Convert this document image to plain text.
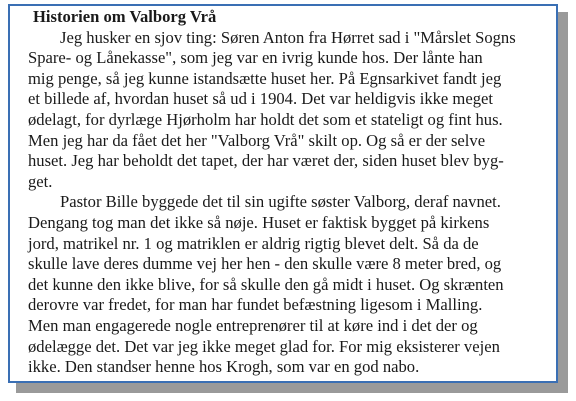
Historien om Valborg Vrå

Jeg husker en sjov ting: Søren Anton fra Hørret sad i "Mårslet Sogns
Spare- og Lånekasse", som jeg var en ivrig kunde hos. Der lånte han
mig penge, så jeg kunne istandsætte huset her. På Egnsarkivet fandt jeg
et billede af, hvordan huset så ud i 1904. Det var heldigvis ikke meget
ødelagt, for dyrlæge Hjørholm har holdt det som et stateligt og fint hus.
Men jeg har da fået det her "Valborg Vrå" skilt op. Og så er der selve
huset. Jeg har beholdt det tapet, der har været der, siden huset blev byg-
get.

Pastor Bille byggede det til sin ugifte søster Valborg, deraf navnet.
Dengang tog man det ikke så nøje. Huset er faktisk bygget på kirkens
jord, matrikel nr. 1 og matriklen er aldrig rigtig blevet delt. Så da de
skulle lave deres dumme vej her hen - den skulle være 8 meter bred, og
det kunne den ikke blive, for så skulle den gå midt i huset. Og skrænten
derovre var fredet, for man har fundet befæstning ligesom i Malling.
Men man engagerede nogle entreprenører til at køre ind i det der og
ødelægge det. Det var jeg ikke meget glad for. For mig eksisterer vejen
ikke. Den standser henne hos Krogh, som var en god nabo.
